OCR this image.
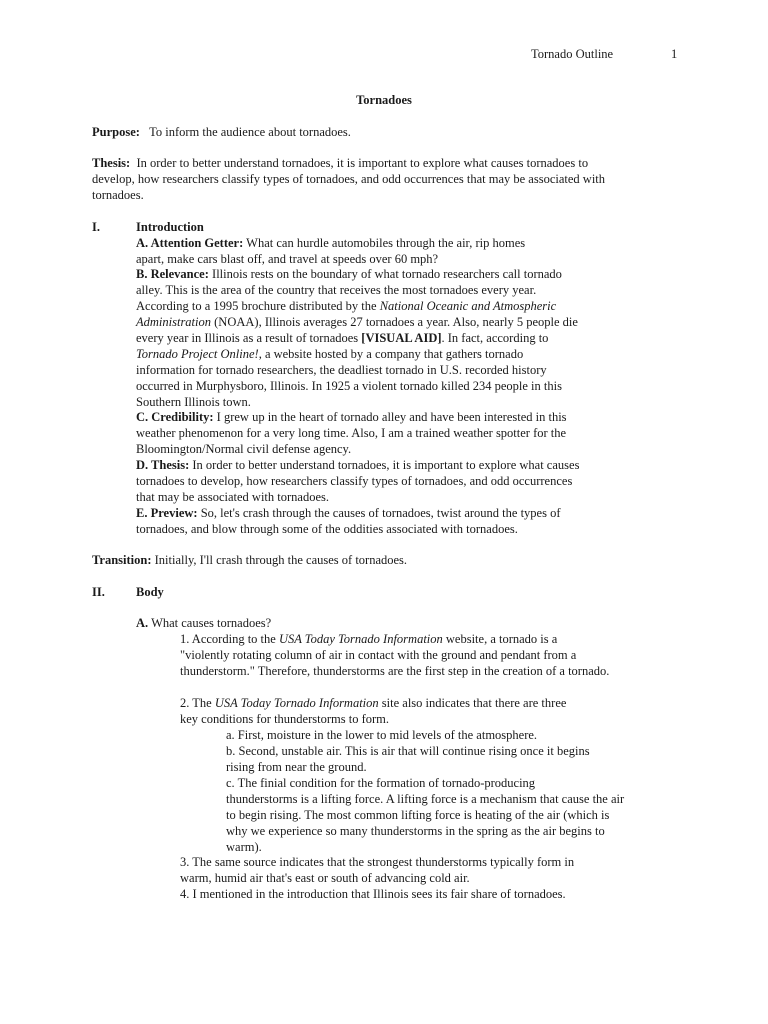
Tornado Outline	1
Tornadoes
Purpose: To inform the audience about tornadoes.
Thesis: In order to better understand tornadoes, it is important to explore what causes tornadoes to
develop, how researchers classify types of tornadoes, and odd occurrences that may be associated with
tornadoes.
I.	Introduction
A. Attention Getter: What can hurdle automobiles through the air, rip homes
apart, make cars blast off, and travel at speeds over 60 mph?
B. Relevance: Illinois rests on the boundary of what tornado researchers call tornado
alley. This is the area of the country that receives the most tornadoes every year.
According to a 1995 brochure distributed by the National Oceanic and Atmospheric
Administration (NOAA), Illinois averages 27 tornadoes a year. Also, nearly 5 people die
every year in Illinois as a result of tornadoes [VISUAL AID]. In fact, according to
Tornado Project Online!, a website hosted by a company that gathers tornado
information for tornado researchers, the deadliest tornado in U.S. recorded history
occurred in Murphysboro, Illinois. In 1925 a violent tornado killed 234 people in this
Southern Illinois town.
C. Credibility: I grew up in the heart of tornado alley and have been interested in this
weather phenomenon for a very long time. Also, I am a trained weather spotter for the
Bloomington/Normal civil defense agency.
D. Thesis: In order to better understand tornadoes, it is important to explore what causes
tornadoes to develop, how researchers classify types of tornadoes, and odd occurrences
that may be associated with tornadoes.
E. Preview: So, let's crash through the causes of tornadoes, twist around the types of
tornadoes, and blow through some of the oddities associated with tornadoes.
Transition: Initially, I'll crash through the causes of tornadoes.
II. Body
A. What causes tornadoes?
1. According to the USA Today Tornado Information website, a tornado is a
"violently rotating column of air in contact with the ground and pendant from a
thunderstorm." Therefore, thunderstorms are the first step in the creation of a tornado.
2. The USA Today Tornado Information site also indicates that there are three
key conditions for thunderstorms to form.
a. First, moisture in the lower to mid levels of the atmosphere.
b. Second, unstable air. This is air that will continue rising once it begins
rising from near the ground.
c. The finial condition for the formation of tornado-producing
thunderstorms is a lifting force. A lifting force is a mechanism that cause the air
to begin rising. The most common lifting force is heating of the air (which is
why we experience so many thunderstorms in the spring as the air begins to
warm).
3. The same source indicates that the strongest thunderstorms typically form in
warm, humid air that's east or south of advancing cold air.
4. I mentioned in the introduction that Illinois sees its fair share of tornadoes.
